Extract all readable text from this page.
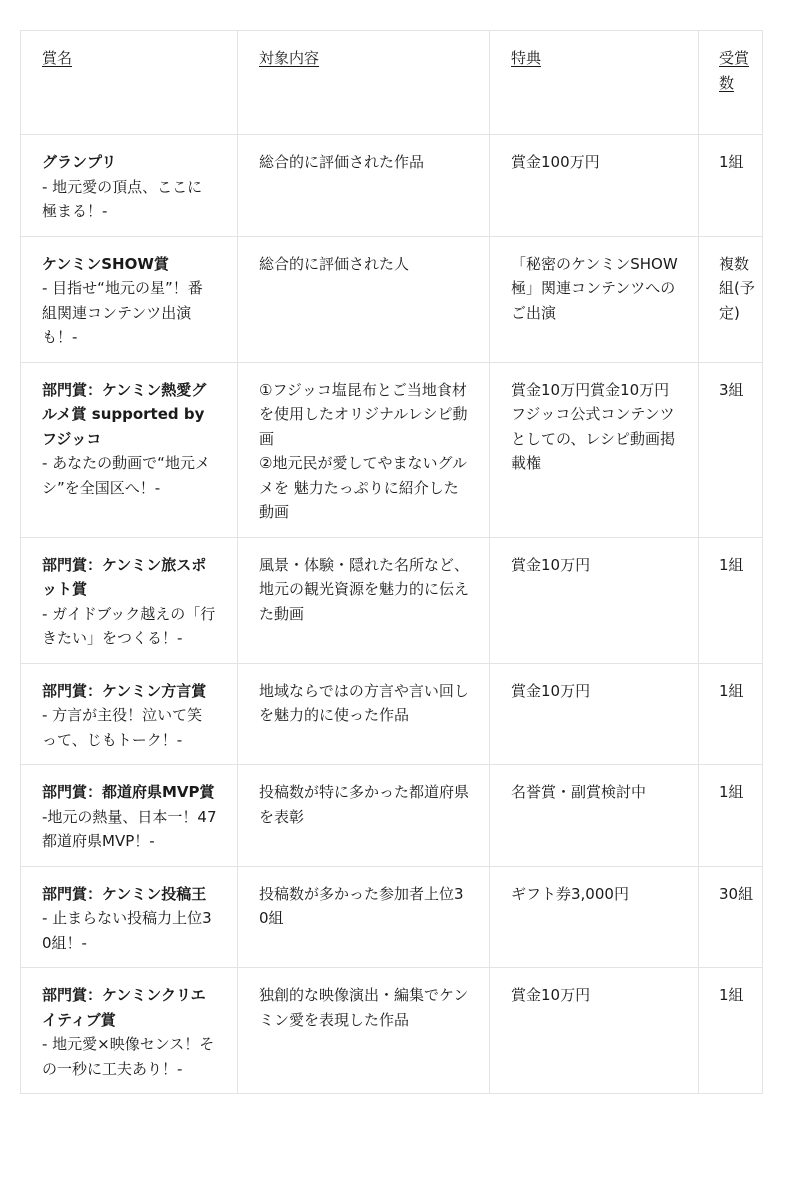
賞名	対象内容	特典	受賞数

グランプリ
- 地元愛の頂点、ここに極まる！-	総合的に評価された作品	賞金100万円	1組

ケンミンSHOW賞
- 目指せ“地元の星”！番組関連コンテンツ出演も！-	総合的に評価された人	「秘密のケンミンSHOW極」関連コンテンツへのご出演	複数組(予定)

部門賞：ケンミン熱愛グルメ賞 supported by フジッコ
- あなたの動画で“地元メシ”を全国区へ！-	①フジッコ塩昆布とご当地食材を使用したオリジナルレシピ動画
②地元民が愛してやまないグルメを 魅力たっぷりに紹介した動画	賞金10万円賞金10万円フジッコ公式コンテンツとしての、レシピ動画掲載権	3組

部門賞：ケンミン旅スポット賞
- ガイドブック越えの「行きたい」をつくる！-	風景・体験・隠れた名所など、地元の観光資源を魅力的に伝えた動画	賞金10万円	1組

部門賞：ケンミン方言賞
- 方言が主役！泣いて笑って、じもトーク！-	地域ならではの方言や言い回しを魅力的に使った作品	賞金10万円	1組

部門賞：都道府県MVP賞
-地元の熱量、日本一！47都道府県MVP！-	投稿数が特に多かった都道府県を表彰	名誉賞・副賞検討中	1組

部門賞：ケンミン投稿王
- 止まらない投稿力上位30組！-	投稿数が多かった参加者上位30組	ギフト券3,000円	30組

部門賞：ケンミンクリエイティブ賞
- 地元愛×映像センス！その一秒に工夫あり！-	独創的な映像演出・編集でケンミン愛を表現した作品	賞金10万円	1組
